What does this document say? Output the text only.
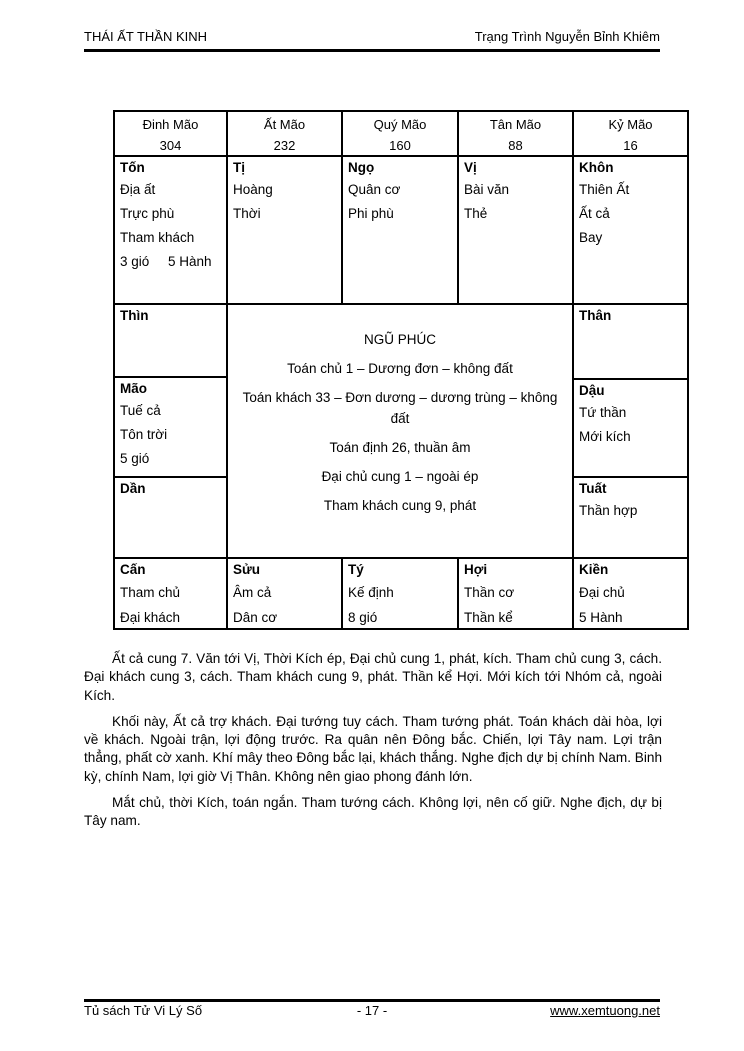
THÁI ẤT THẦN KINH	Trạng Trình Nguyễn Bỉnh Khiêm
Đinh Mão
304
Ất Mão
232
Quý Mão
160
Tân Mão
88
Kỷ Mão
16
Tốn
Địa ất
Trực phù
Tham khách
3 gió     5 Hành
Tị
Hoàng
Thời
Ngọ
Quân cơ
Phi phù
Vị
Bài văn
Thẻ
Khôn
Thiên Ất
Ất cả
Bay
Thìn
Mão
Tuế cả
Tôn trời
5 gió
Dần
NGŨ PHÚC
Toán chủ 1 – Dương đơn – không đất
Toán khách 33 – Đơn dương – dương trùng – không đất
Toán định 26, thuần âm
Đại chủ cung 1 – ngoài ép
Tham khách cung 9, phát
Thân
Dậu
Tứ thần
Mới kích
Tuất
Thần hợp
Cấn
Tham chủ
Đại khách
Sửu
Âm cả
Dân cơ
Tý
Kế định
8 gió
Hợi
Thần cơ
Thần kể
Kiền
Đại chủ
5 Hành

Ất cả cung 7. Văn tới Vị, Thời Kích ép, Đại chủ cung 1, phát, kích. Tham chủ cung 3, cách. Đại khách cung 3, cách. Tham khách cung 9, phát. Thần kể Hợi. Mới kích tới Nhóm cả, ngoài Kích.

Khối này, Ất cả trợ khách. Đại tướng tuy cách. Tham tướng phát. Toán khách dài hòa, lợi về khách. Ngoài trận, lợi động trước. Ra quân nên Đông bắc. Chiến, lợi Tây nam. Lợi trận thẳng, phất cờ xanh. Khí mây theo Đông bắc lại, khách thắng. Nghe địch dự bị chính Nam. Binh kỳ, chính Nam, lợi giờ Vị Thân. Không nên giao phong đánh lớn.

Mắt chủ, thời Kích, toán ngắn. Tham tướng cách. Không lợi, nên cố giữ. Nghe địch, dự bị Tây nam.

- 17 -
Tủ sách Tử Vi Lý Số	www.xemtuong.net
